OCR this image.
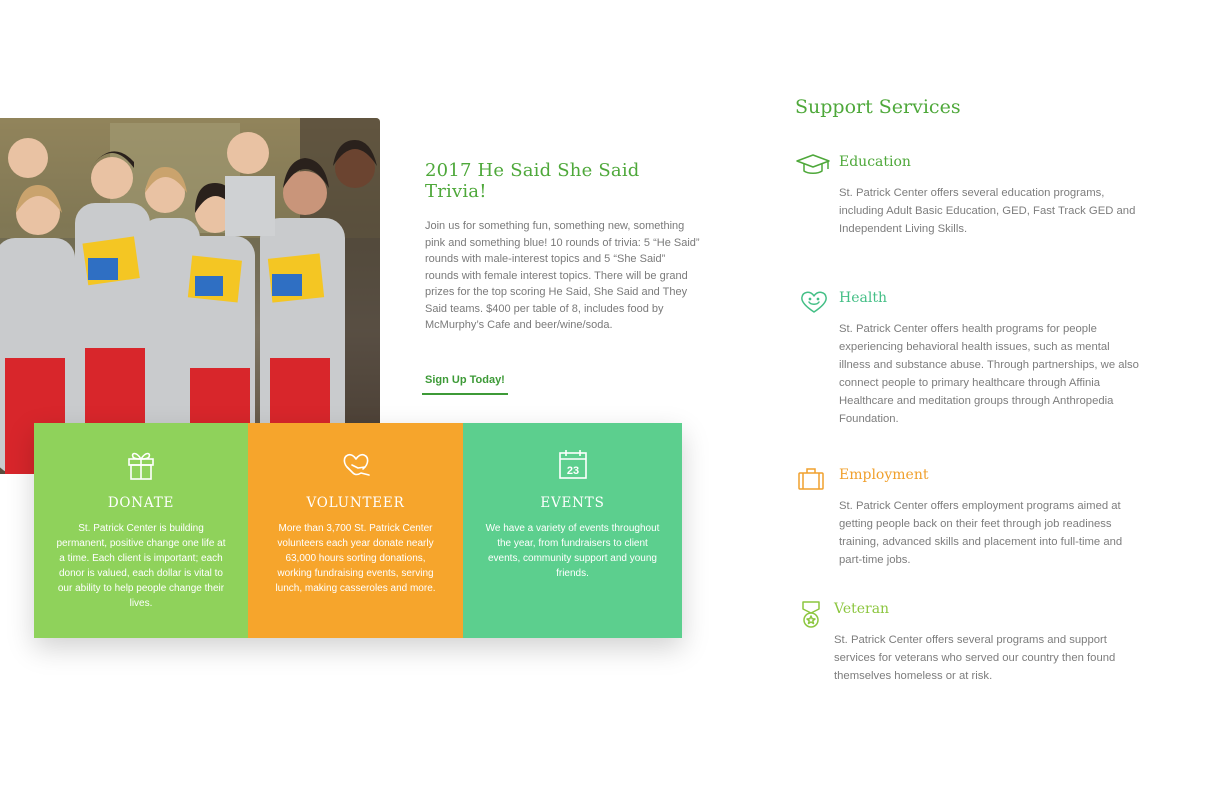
2017 He Said She Said Trivia!

Join us for something fun, something new, something pink and something blue! 10 rounds of trivia: 5 “He Said” rounds with male-interest topics and 5 “She Said” rounds with female interest topics. There will be grand prizes for the top scoring He Said, She Said and They Said teams. $400 per table of 8, includes food by McMurphy’s Cafe and beer/wine/soda.

Sign Up Today!
DONATE

St. Patrick Center is building permanent, positive change one life at a time. Each client is important; each donor is valued, each dollar is vital to our ability to help people change their lives.

VOLUNTEER

More than 3,700 St. Patrick Center volunteers each year donate nearly 63,000 hours sorting donations, working fundraising events, serving lunch, making casseroles and more.

23
EVENTS

We have a variety of events throughout the year, from fundraisers to client events, community support and young friends.

Support Services
Education

St. Patrick Center offers several education programs, including Adult Basic Education, GED, Fast Track GED and Independent Living Skills.

Health

St. Patrick Center offers health programs for people experiencing behavioral health issues, such as mental illness and substance abuse. Through partnerships, we also connect people to primary healthcare through Affinia Healthcare and meditation groups through Anthropedia Foundation.

Employment

St. Patrick Center offers employment programs aimed at getting people back on their feet through job readiness training, advanced skills and placement into full-time and part-time jobs.

Veteran

St. Patrick Center offers several programs and support services for veterans who served our country then found themselves homeless or at risk.
